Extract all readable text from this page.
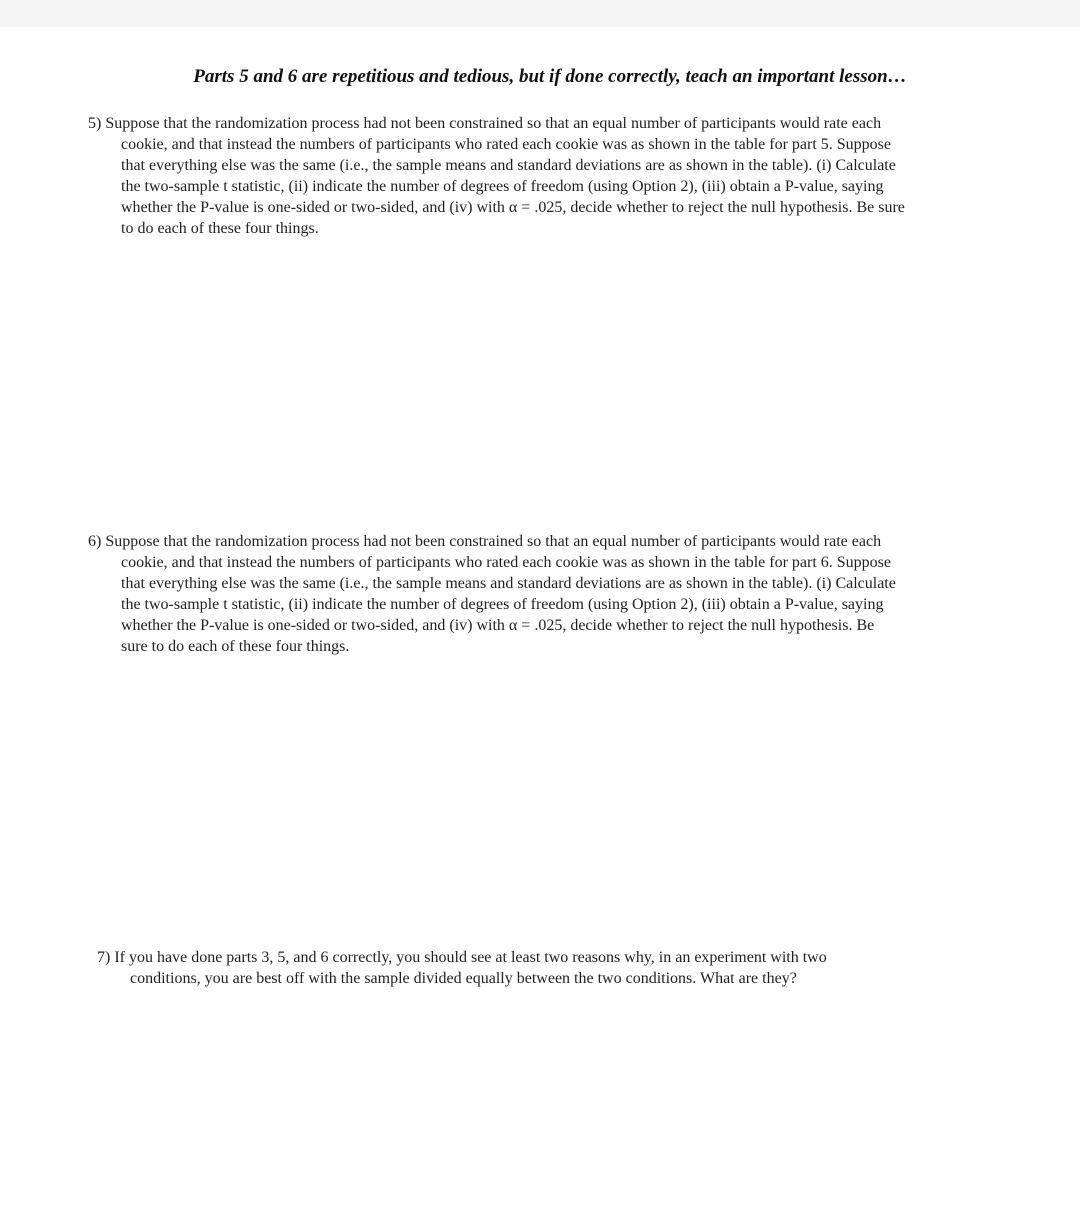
Parts 5 and 6 are repetitious and tedious, but if done correctly, teach an important lesson…
5) Suppose that the randomization process had not been constrained so that an equal number of participants would rate each
cookie, and that instead the numbers of participants who rated each cookie was as shown in the table for part 5. Suppose
that everything else was the same (i.e., the sample means and standard deviations are as shown in the table). (i) Calculate
the two-sample t statistic, (ii) indicate the number of degrees of freedom (using Option 2), (iii) obtain a P-value, saying
whether the P-value is one-sided or two-sided, and (iv) with α = .025, decide whether to reject the null hypothesis. Be sure
to do each of these four things.
6) Suppose that the randomization process had not been constrained so that an equal number of participants would rate each
cookie, and that instead the numbers of participants who rated each cookie was as shown in the table for part 6. Suppose
that everything else was the same (i.e., the sample means and standard deviations are as shown in the table). (i) Calculate
the two-sample t statistic, (ii) indicate the number of degrees of freedom (using Option 2), (iii) obtain a P-value, saying
whether the P-value is one-sided or two-sided, and (iv) with α = .025, decide whether to reject the null hypothesis. Be
sure to do each of these four things.
7) If you have done parts 3, 5, and 6 correctly, you should see at least two reasons why, in an experiment with two
conditions, you are best off with the sample divided equally between the two conditions. What are they?
